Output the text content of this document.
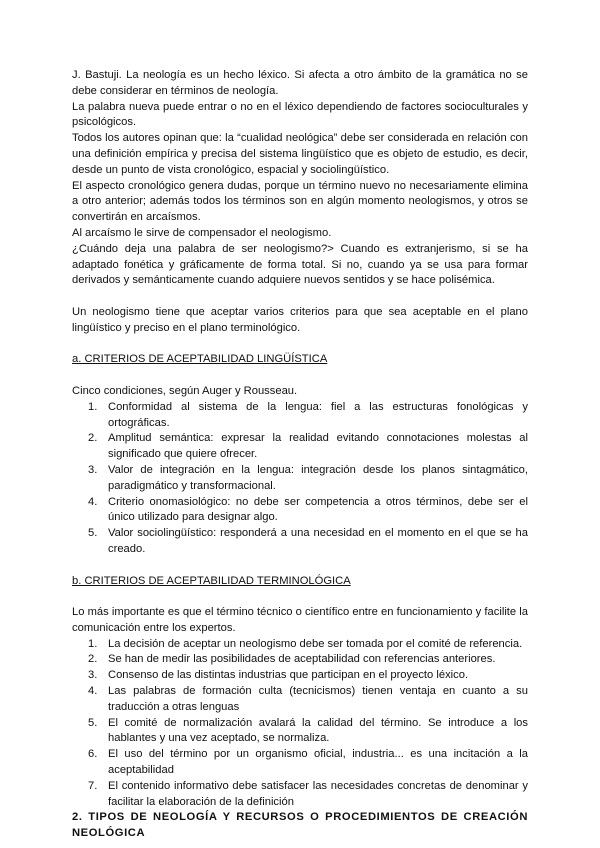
J. Bastuji. La neología es un hecho léxico. Si afecta a otro ámbito de la gramática no se debe considerar en términos de neología.

La palabra nueva puede entrar o no en el léxico dependiendo de factores socioculturales y psicológicos.

Todos los autores opinan que: la “cualidad neológica” debe ser considerada en relación con una definición empírica y precisa del sistema lingüístico que es objeto de estudio, es decir, desde un punto de vista cronológico, espacial y sociolingüístico.

El aspecto cronológico genera dudas, porque un término nuevo no necesariamente elimina a otro anterior; además todos los términos son en algún momento neologismos, y otros se convertirán en arcaísmos.

Al arcaísmo le sirve de compensador el neologismo.

¿Cuándo deja una palabra de ser neologismo?> Cuando es extranjerismo, si se ha adaptado fonética y gráficamente de forma total. Si no, cuando ya se usa para formar derivados y semánticamente cuando adquiere nuevos sentidos y se hace polisémica.

Un neologismo tiene que aceptar varios criterios para que sea aceptable en el plano lingüístico y preciso en el plano terminológico.

a. CRITERIOS DE ACEPTABILIDAD LINGÜÍSTICA

Cinco condiciones, según Auger y Rousseau.

1. Conformidad al sistema de la lengua: fiel a las estructuras fonológicas y ortográficas.
2. Amplitud semántica: expresar la realidad evitando connotaciones molestas al significado que quiere ofrecer.
3. Valor de integración en la lengua: integración desde los planos sintagmático, paradigmático y transformacional.
4. Criterio onomasiológico: no debe ser competencia a otros términos, debe ser el único utilizado para designar algo.
5. Valor sociolingüístico: responderá a una necesidad en el momento en el que se ha creado.

b. CRITERIOS DE ACEPTABILIDAD TERMINOLÓGICA

Lo más importante es que el término técnico o científico entre en funcionamiento y facilite la comunicación entre los expertos.

1. La decisión de aceptar un neologismo debe ser tomada por el comité de referencia.
2. Se han de medir las posibilidades de aceptabilidad con referencias anteriores.
3. Consenso de las distintas industrias que participan en el proyecto léxico.
4. Las palabras de formación culta (tecnicismos) tienen ventaja en cuanto a su traducción a otras lenguas
5. El comité de normalización avalará la calidad del término. Se introduce a los hablantes y una vez aceptado, se normaliza.
6. El uso del término por un organismo oficial, industria... es una incitación a la aceptabilidad
7. El contenido informativo debe satisfacer las necesidades concretas de denominar y facilitar la elaboración de la definición

2. TIPOS DE NEOLOGÍA Y RECURSOS O PROCEDIMIENTOS DE CREACIÓN NEOLÓGICA
